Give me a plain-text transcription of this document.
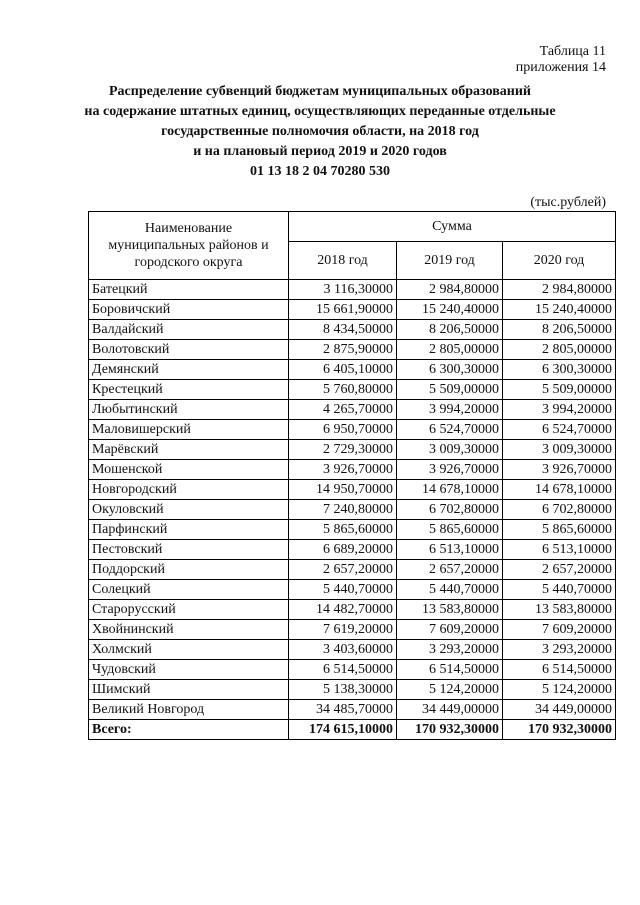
Таблица 11
приложения 14
Распределение субвенций бюджетам муниципальных образований
на содержание штатных единиц, осуществляющих переданные отдельные
государственные полномочия области, на 2018 год
и на плановый период 2019 и 2020 годов
01 13 18 2 04 70280 530
(тыс.рублей)
Наименование
муниципальных районов и
городского округа	Сумма		
	2018 год	2019 год	2020 год
Батецкий	3 116,30000	2 984,80000	2 984,80000
Боровичский	15 661,90000	15 240,40000	15 240,40000
Валдайский	8 434,50000	8 206,50000	8 206,50000
Волотовский	2 875,90000	2 805,00000	2 805,00000
Демянский	6 405,10000	6 300,30000	6 300,30000
Крестецкий	5 760,80000	5 509,00000	5 509,00000
Любытинский	4 265,70000	3 994,20000	3 994,20000
Маловишерский	6 950,70000	6 524,70000	6 524,70000
Марёвский	2 729,30000	3 009,30000	3 009,30000
Мошенской	3 926,70000	3 926,70000	3 926,70000
Новгородский	14 950,70000	14 678,10000	14 678,10000
Окуловский	7 240,80000	6 702,80000	6 702,80000
Парфинский	5 865,60000	5 865,60000	5 865,60000
Пестовский	6 689,20000	6 513,10000	6 513,10000
Поддорский	2 657,20000	2 657,20000	2 657,20000
Солецкий	5 440,70000	5 440,70000	5 440,70000
Старорусский	14 482,70000	13 583,80000	13 583,80000
Хвойнинский	7 619,20000	7 609,20000	7 609,20000
Холмский	3 403,60000	3 293,20000	3 293,20000
Чудовский	6 514,50000	6 514,50000	6 514,50000
Шимский	5 138,30000	5 124,20000	5 124,20000
Великий Новгород	34 485,70000	34 449,00000	34 449,00000
Всего:	174 615,10000	170 932,30000	170 932,30000
